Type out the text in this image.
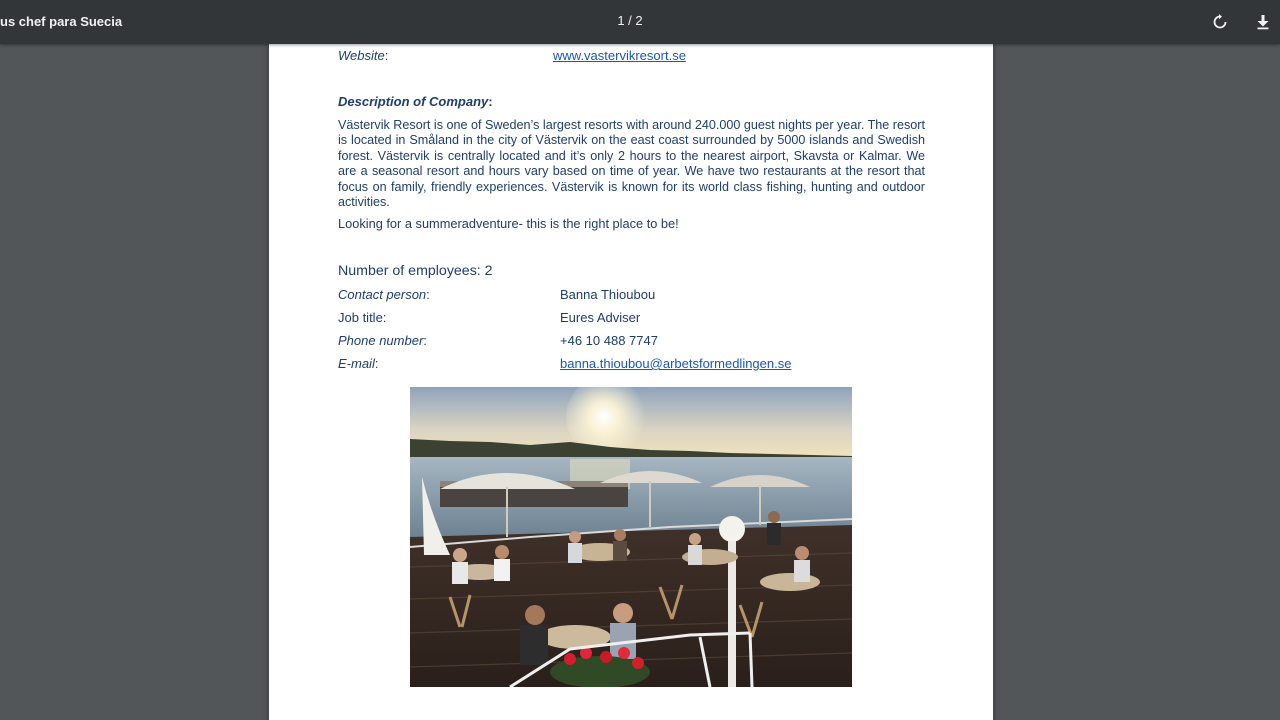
us chef para Suecia	1 / 2
Website:	www.vastervikresort.se
Description of Company:

Västervik Resort is one of Sweden’s largest resorts with around 240.000 guest nights per year. The resort is located in Småland in the city of Västervik on the east coast surrounded by 5000 islands and Swedish forest. Västervik is centrally located and it’s only 2 hours to the nearest airport, Skavsta or Kalmar. We are a seasonal resort and hours vary based on time of year. We have two restaurants at the resort that focus on family, friendly experiences. Västervik is known for its world class fishing, hunting and outdoor activities.

Looking for a summeradventure- this is the right place to be!
Number of employees: 2
Contact person:	Banna Thioubou
Job title:	Eures Adviser
Phone number:	+46 10 488 7747
E-mail:	banna.thioubou@arbetsformedlingen.se
